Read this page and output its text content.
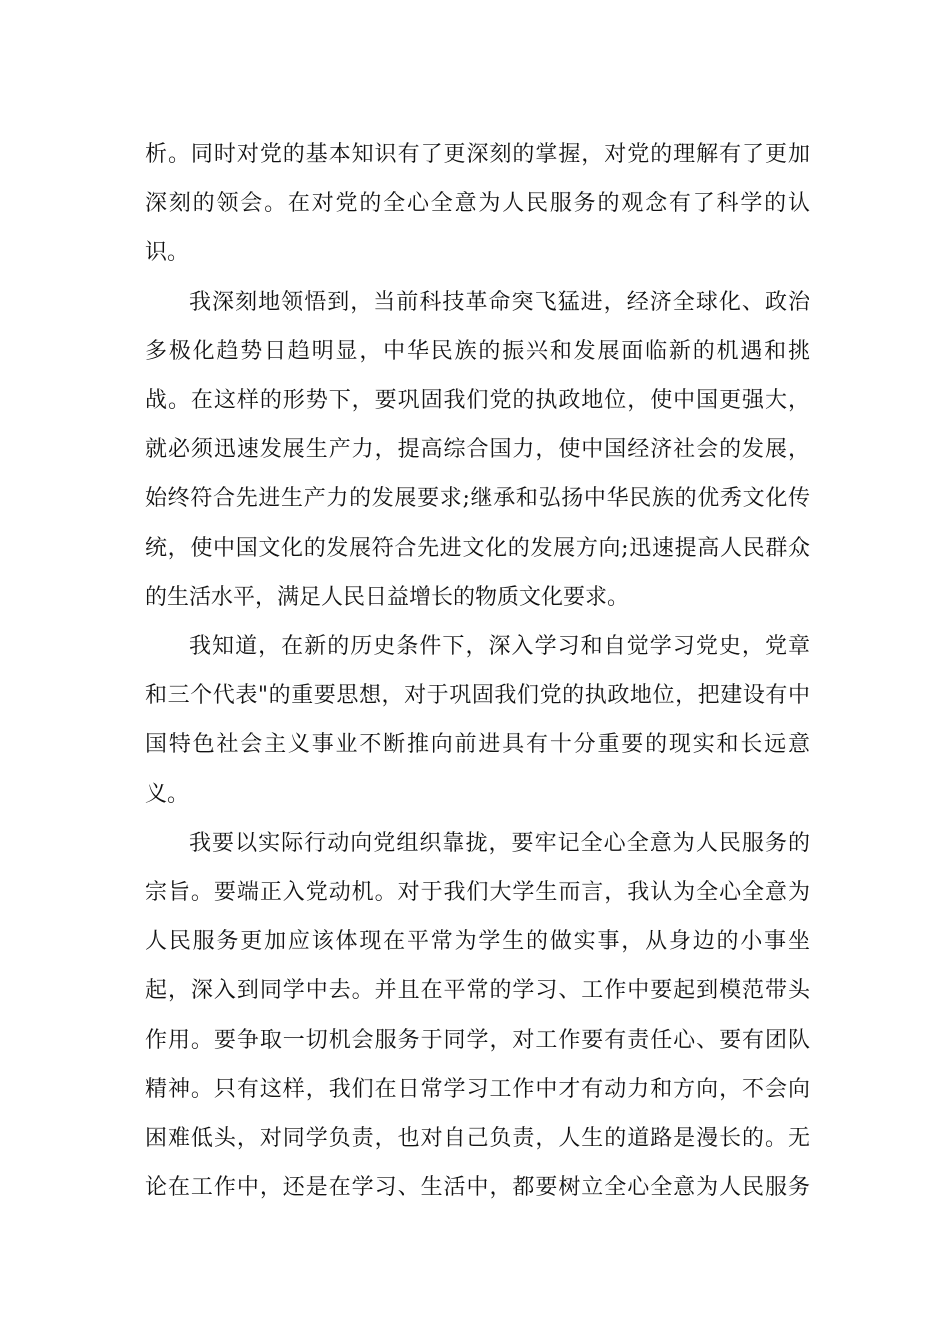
析。同时对党的基本知识有了更深刻的掌握，对党的理解有了更加
深刻的领会。在对党的全心全意为人民服务的观念有了科学的认
识。

我深刻地领悟到，当前科技革命突飞猛进，经济全球化、政治
多极化趋势日趋明显，中华民族的振兴和发展面临新的机遇和挑
战。在这样的形势下，要巩固我们党的执政地位，使中国更强大，
就必须迅速发展生产力，提高综合国力，使中国经济社会的发展，
始终符合先进生产力的发展要求;继承和弘扬中华民族的优秀文化传
统，使中国文化的发展符合先进文化的发展方向;迅速提高人民群众
的生活水平，满足人民日益增长的物质文化要求。

我知道，在新的历史条件下，深入学习和自觉学习党史，党章
和三个代表"的重要思想，对于巩固我们党的执政地位，把建设有中
国特色社会主义事业不断推向前进具有十分重要的现实和长远意
义。

我要以实际行动向党组织靠拢，要牢记全心全意为人民服务的
宗旨。要端正入党动机。对于我们大学生而言，我认为全心全意为
人民服务更加应该体现在平常为学生的做实事，从身边的小事坐
起，深入到同学中去。并且在平常的学习、工作中要起到模范带头
作用。要争取一切机会服务于同学，对工作要有责任心、要有团队
精神。只有这样，我们在日常学习工作中才有动力和方向，不会向
困难低头，对同学负责，也对自己负责，人生的道路是漫长的。无
论在工作中，还是在学习、生活中，都要树立全心全意为人民服务
